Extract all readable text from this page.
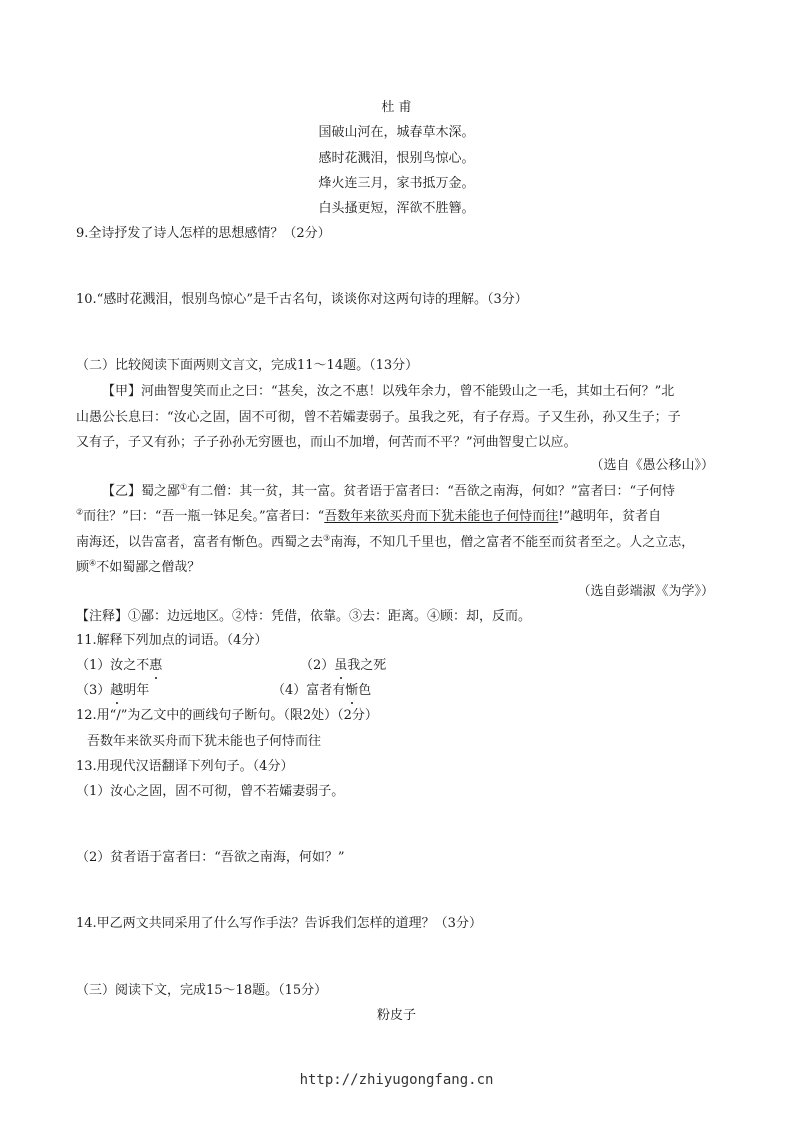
杜 甫
国破山河在，城春草木深。
感时花溅泪，恨别鸟惊心。
烽火连三月，家书抵万金。
白头搔更短，浑欲不胜簪。
9.全诗抒发了诗人怎样的思想感情？（2分）
10.“感时花溅泪，恨别鸟惊心”是千古名句，谈谈你对这两句诗的理解。（3分）
（二）比较阅读下面两则文言文，完成11～14题。（13分）
【甲】河曲智叟笑而止之曰：“甚矣，汝之不惠！以残年余力，曾不能毁山之一毛，其如土石何？”北
山愚公长息曰：“汝心之固，固不可彻，曾不若孀妻弱子。虽我之死，有子存焉。子又生孙，孙又生子；子
又有子，子又有孙；子子孙孙无穷匮也，而山不加增，何苦而不平？”河曲智叟亡以应。
（选自《愚公移山》）
【乙】蜀之鄙①有二僧：其一贫，其一富。贫者语于富者曰：“吾欲之南海，何如？”富者曰：“子何恃
②而往？”曰：“吾一瓶一钵足矣。”富者曰：“吾数年来欲买舟而下犹未能也子何恃而往!”越明年，贫者自
南海还，以告富者，富者有惭色。西蜀之去③南海，不知几千里也，僧之富者不能至而贫者至之。人之立志，
顾④不如蜀鄙之僧哉？
（选自彭端淑《为学》）
【注释】①鄙：边远地区。②恃：凭借，依靠。③去：距离。④顾：却，反而。
11.解释下列加点的词语。（4分）
（1）汝之不惠	（2）虽我之死
（3）越明年	（4）富者有惭色
12.用“/”为乙文中的画线句子断句。（限2处）（2分）
吾数年来欲买舟而下犹未能也子何恃而往
13.用现代汉语翻译下列句子。（4分）
（1）汝心之固，固不可彻，曾不若孀妻弱子。
（2）贫者语于富者曰：“吾欲之南海，何如？”
14.甲乙两文共同采用了什么写作手法？告诉我们怎样的道理？（3分）
（三）阅读下文，完成15～18题。（15分）
粉皮子
http://zhiyugongfang.cn
